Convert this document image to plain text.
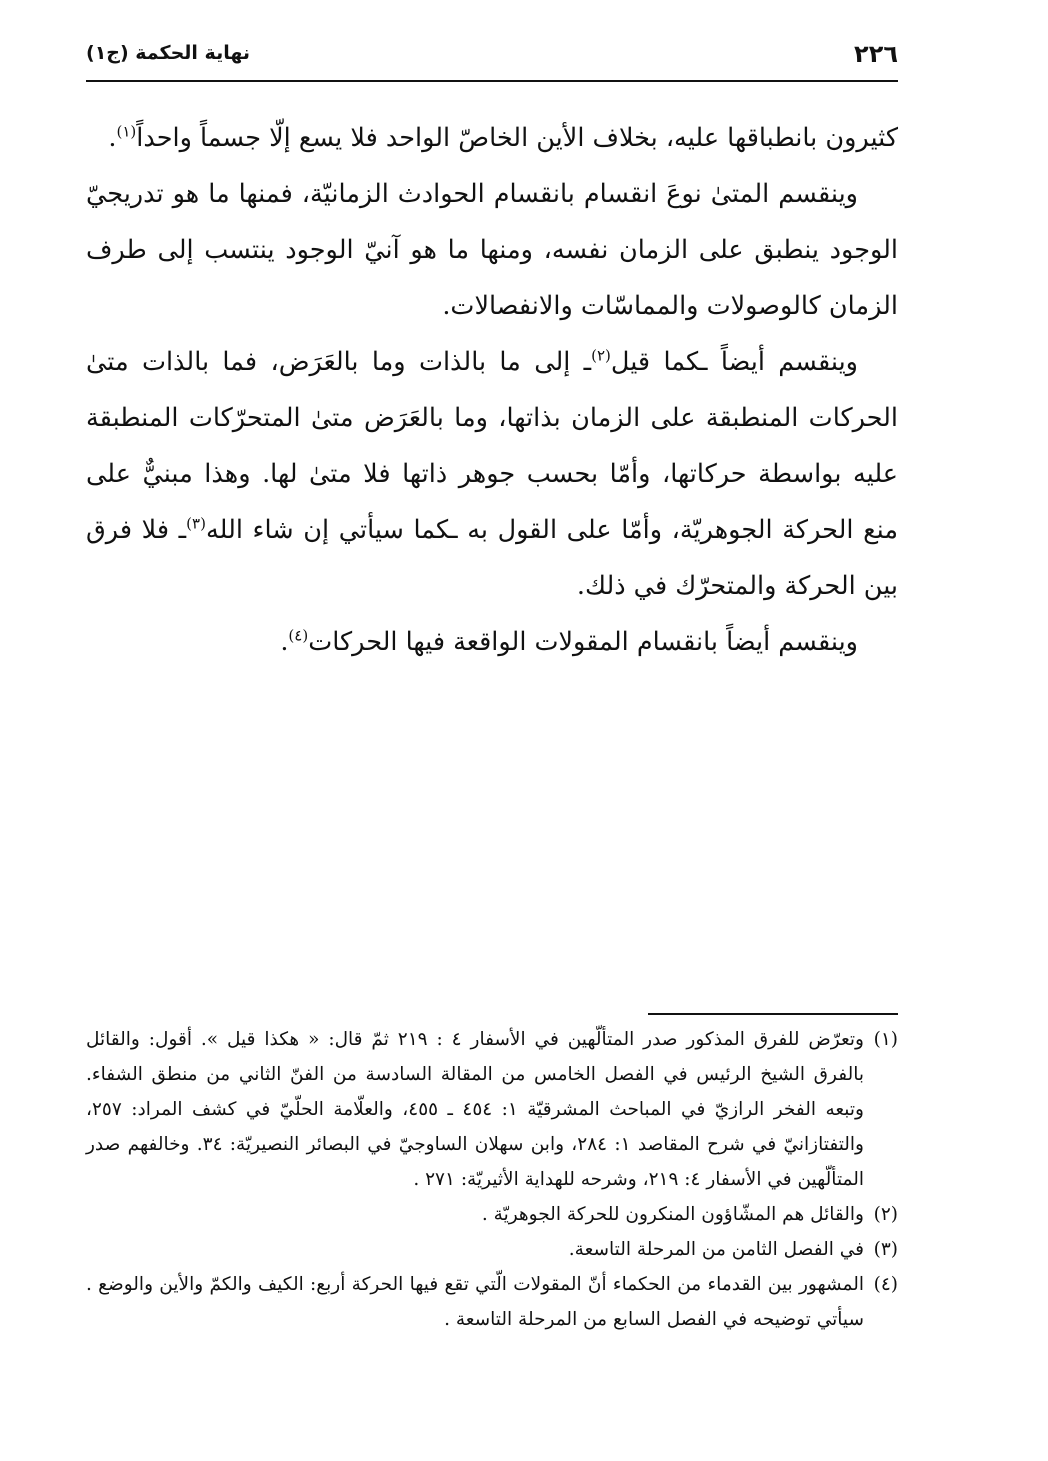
٢٢٦
نهاية الحكمة (ج١)

كثيرون بانطباقها عليه، بخلاف الأين الخاصّ الواحد فلا يسع إلّا جسماً واحداً$^{(١)}$.

وينقسم المتىٰ نوعَ انقسام بانقسام الحوادث الزمانيّة، فمنها ما هو تدريجيّ الوجود ينطبق على الزمان نفسه، ومنها ما هو آنيّ الوجود ينتسب إلى طرف الزمان كالوصولات والمماسّات والانفصالات.

وينقسم أيضاً ـكما قيل$^{(٢)}$ـ إلى ما بالذات وما بالعَرَض، فما بالذات متىٰ الحركات المنطبقة على الزمان بذاتها، وما بالعَرَض متىٰ المتحرّكات المنطبقة عليه بواسطة حركاتها، وأمّا بحسب جوهر ذاتها فلا متىٰ لها. وهذا مبنيٌّ على منع الحركة الجوهريّة، وأمّا على القول به ـكما سيأتي إن شاء الله$^{(٣)}$ـ فلا فرق بين الحركة والمتحرّك في ذلك.

وينقسم أيضاً بانقسام المقولات الواقعة فيها الحركات$^{(٤)}$.

(١)وتعرّض للفرق المذكور صدر المتألّهين في الأسفار ٤ : ٢١٩ ثمّ قال: « هكذا قيل ». أقول: والقائل بالفرق الشيخ الرئيس في الفصل الخامس من المقالة السادسة من الفنّ الثاني من منطق الشفاء. وتبعه الفخر الرازيّ في المباحث المشرقيّة ١: ٤٥٤ ـ ٤٥٥، والعلّامة الحلّيّ في كشف المراد: ٢٥٧، والتفتازانيّ في شرح المقاصد ١: ٢٨٤، وابن سهلان الساوجيّ في البصائر النصيريّة: ٣٤. وخالفهم صدر المتألّهين في الأسفار ٤: ٢١٩، وشرحه للهداية الأثيريّة: ٢٧١ .

(٢)والقائل هم المشّاؤون المنكرون للحركة الجوهريّة .

(٣)في الفصل الثامن من المرحلة التاسعة.

(٤)المشهور بين القدماء من الحكماء أنّ المقولات الّتي تقع فيها الحركة أربع: الكيف والكمّ والأين والوضع . سيأتي توضيحه في الفصل السابع من المرحلة التاسعة .
